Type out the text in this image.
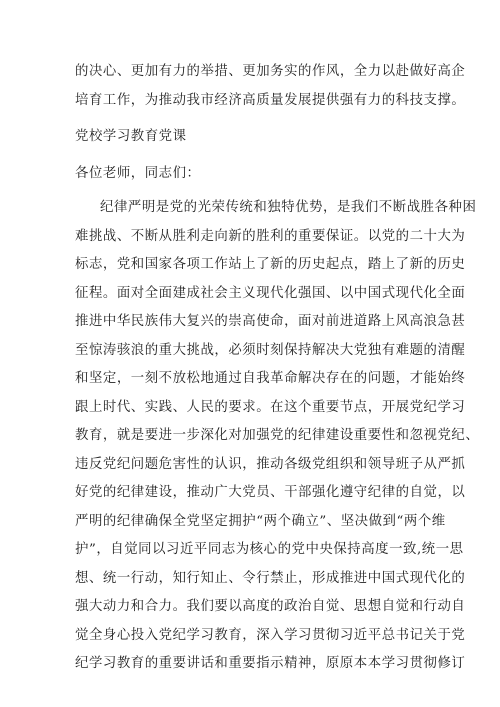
的决心、更加有力的举措、更加务实的作风，全力以赴做好高企
培育工作，为推动我市经济高质量发展提供强有力的科技支撑。
党校学习教育党课
各位老师，同志们：
纪律严明是党的光荣传统和独特优势，是我们不断战胜各种困
难挑战、不断从胜利走向新的胜利的重要保证。以党的二十大为
标志，党和国家各项工作站上了新的历史起点，踏上了新的历史
征程。面对全面建成社会主义现代化强国、以中国式现代化全面
推进中华民族伟大复兴的崇高使命，面对前进道路上风高浪急甚
至惊涛骇浪的重大挑战，必须时刻保持解决大党独有难题的清醒
和坚定，一刻不放松地通过自我革命解决存在的问题，才能始终
跟上时代、实践、人民的要求。在这个重要节点，开展党纪学习
教育，就是要进一步深化对加强党的纪律建设重要性和忽视党纪、
违反党纪问题危害性的认识，推动各级党组织和领导班子从严抓
好党的纪律建设，推动广大党员、干部强化遵守纪律的自觉，以
严明的纪律确保全党坚定拥护“两个确立”、坚决做到“两个维
护”，自觉同以习近平同志为核心的党中央保持高度一致,统一思
想、统一行动，知行知止、令行禁止，形成推进中国式现代化的
强大动力和合力。我们要以高度的政治自觉、思想自觉和行动自
觉全身心投入党纪学习教育，深入学习贯彻习近平总书记关于党
纪学习教育的重要讲话和重要指示精神，原原本本学习贯彻修订
